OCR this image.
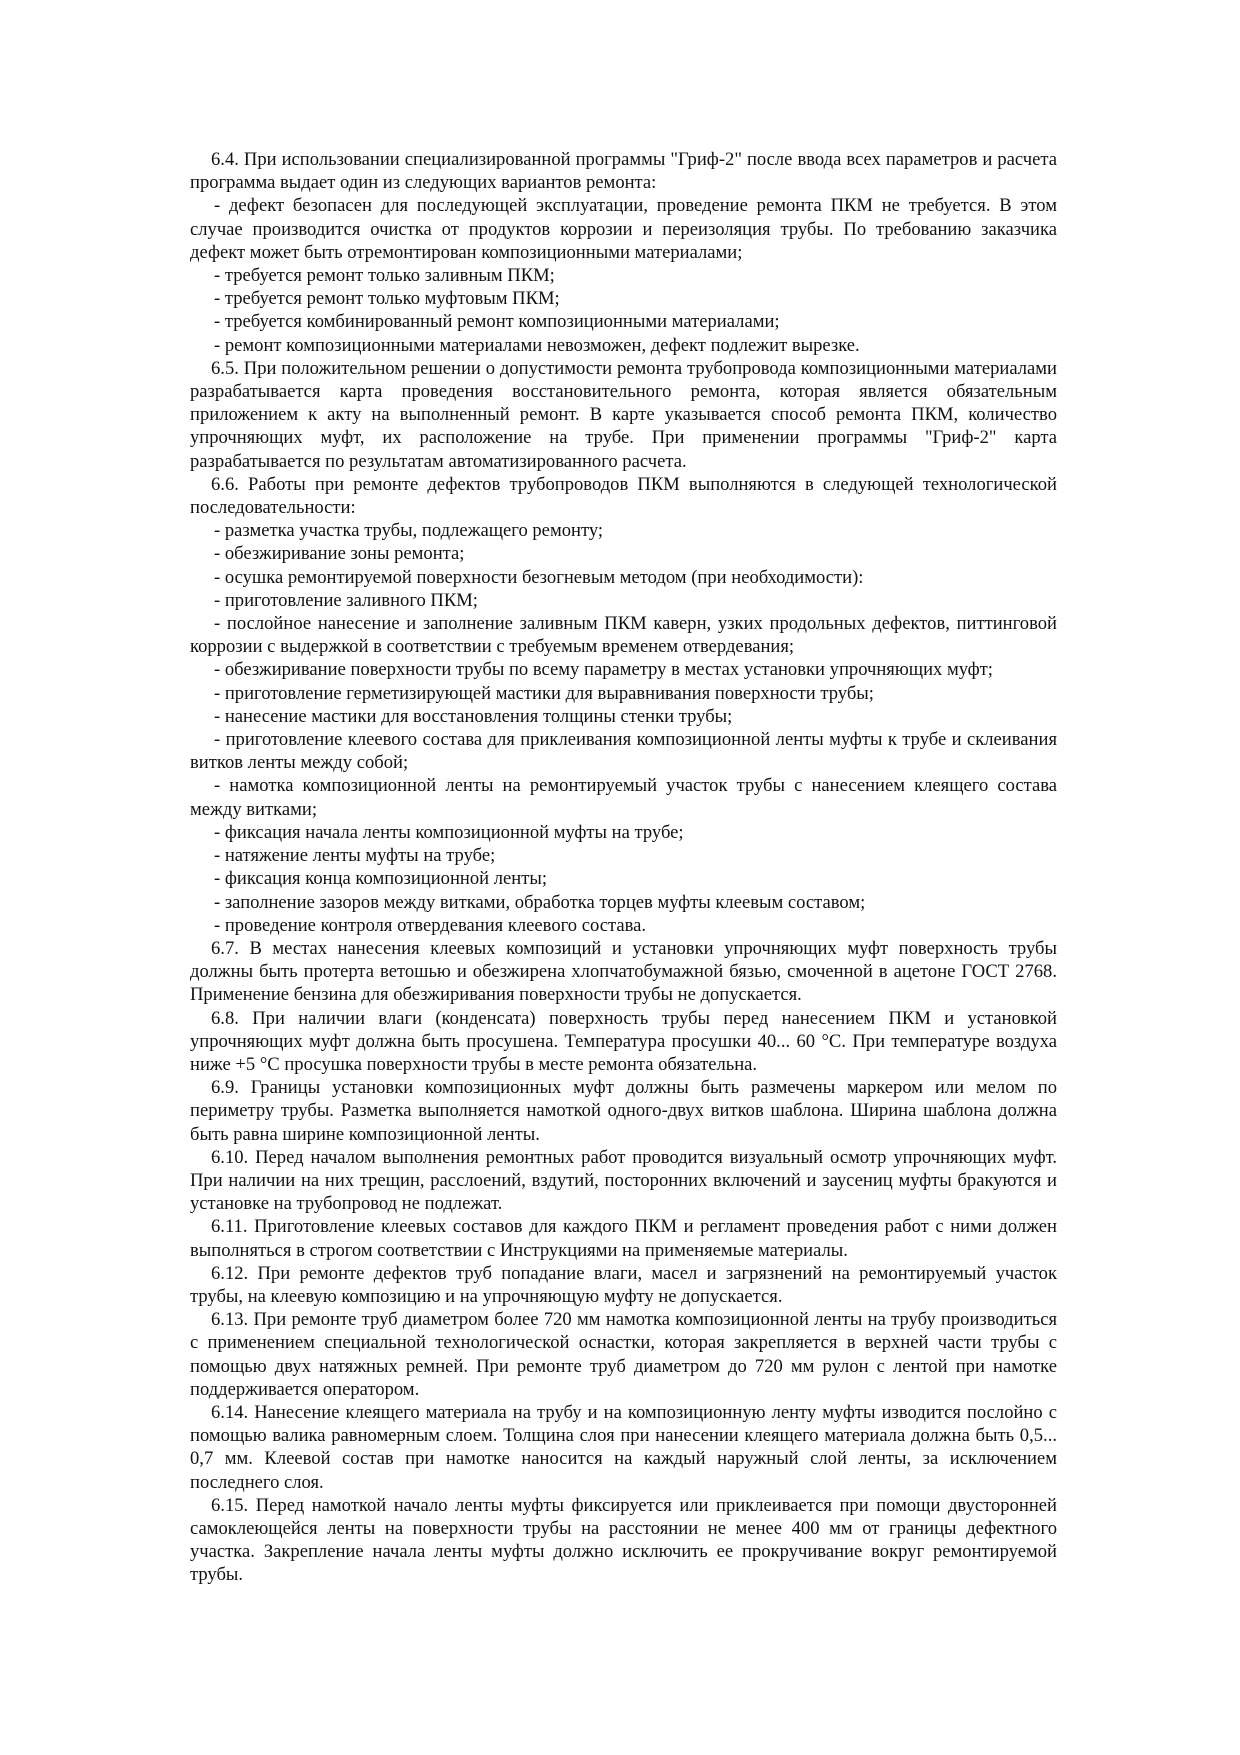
6.4. При использовании специализированной программы "Гриф-2" после ввода всех параметров и расчета программа выдает один из следующих вариантов ремонта:

- дефект безопасен для последующей эксплуатации, проведение ремонта ПКМ не требуется. В этом случае производится очистка от продуктов коррозии и переизоляция трубы. По требованию заказчика дефект может быть отремонтирован композиционными материалами;

- требуется ремонт только заливным ПКМ;

- требуется ремонт только муфтовым ПКМ;

- требуется комбинированный ремонт композиционными материалами;

- ремонт композиционными материалами невозможен, дефект подлежит вырезке.

6.5. При положительном решении о допустимости ремонта трубопровода композиционными материалами разрабатывается карта проведения восстановительного ремонта, которая является обязательным приложением к акту на выполненный ремонт. В карте указывается способ ремонта ПКМ, количество упрочняющих муфт, их расположение на трубе. При применении программы "Гриф-2" карта разрабатывается по результатам автоматизированного расчета.

6.6. Работы при ремонте дефектов трубопроводов ПКМ выполняются в следующей технологической последовательности:

- разметка участка трубы, подлежащего ремонту;

- обезжиривание зоны ремонта;

- осушка ремонтируемой поверхности безогневым методом (при необходимости):

- приготовление заливного ПКМ;

- послойное нанесение и заполнение заливным ПКМ каверн, узких продольных дефектов, питтинговой коррозии с выдержкой в соответствии с требуемым временем отвердевания;

- обезжиривание поверхности трубы по всему параметру в местах установки упрочняющих муфт;

- приготовление герметизирующей мастики для выравнивания поверхности трубы;

- нанесение мастики для восстановления толщины стенки трубы;

- приготовление клеевого состава для приклеивания композиционной ленты муфты к трубе и склеивания витков ленты между собой;

- намотка композиционной ленты на ремонтируемый участок трубы с нанесением клеящего состава между витками;

- фиксация начала ленты композиционной муфты на трубе;

- натяжение ленты муфты на трубе;

- фиксация конца композиционной ленты;

- заполнение зазоров между витками, обработка торцев муфты клеевым составом;

- проведение контроля отвердевания клеевого состава.

6.7. В местах нанесения клеевых композиций и установки упрочняющих муфт поверхность трубы должны быть протерта ветошью и обезжирена хлопчатобумажной бязью, смоченной в ацетоне ГОСТ 2768. Применение бензина для обезжиривания поверхности трубы не допускается.

6.8. При наличии влаги (конденсата) поверхность трубы перед нанесением ПКМ и установкой упрочняющих муфт должна быть просушена. Температура просушки 40... 60 °С. При температуре воздуха ниже +5 °С просушка поверхности трубы в месте ремонта обязательна.

6.9. Границы установки композиционных муфт должны быть размечены маркером или мелом по периметру трубы. Разметка выполняется намоткой одного-двух витков шаблона. Ширина шаблона должна быть равна ширине композиционной ленты.

6.10. Перед началом выполнения ремонтных работ проводится визуальный осмотр упрочняющих муфт. При наличии на них трещин, расслоений, вздутий, посторонних включений и заусениц муфты бракуются и установке на трубопровод не подлежат.

6.11. Приготовление клеевых составов для каждого ПКМ и регламент проведения работ с ними должен выполняться в строгом соответствии с Инструкциями на применяемые материалы.

6.12. При ремонте дефектов труб попадание влаги, масел и загрязнений на ремонтируемый участок трубы, на клеевую композицию и на упрочняющую муфту не допускается.

6.13. При ремонте труб диаметром более 720 мм намотка композиционной ленты на трубу производиться с применением специальной технологической оснастки, которая закрепляется в верхней части трубы с помощью двух натяжных ремней. При ремонте труб диаметром до 720 мм рулон с лентой при намотке поддерживается оператором.

6.14. Нанесение клеящего материала на трубу и на композиционную ленту муфты изводится послойно с помощью валика равномерным слоем. Толщина слоя при нанесении клеящего материала должна быть 0,5... 0,7 мм. Клеевой состав при намотке наносится на каждый наружный слой ленты, за исключением последнего слоя.

6.15. Перед намоткой начало ленты муфты фиксируется или приклеивается при помощи двусторонней самоклеющейся ленты на поверхности трубы на расстоянии не менее 400 мм от границы дефектного участка. Закрепление начала ленты муфты должно исключить ее прокручивание вокруг ремонтируемой трубы.
